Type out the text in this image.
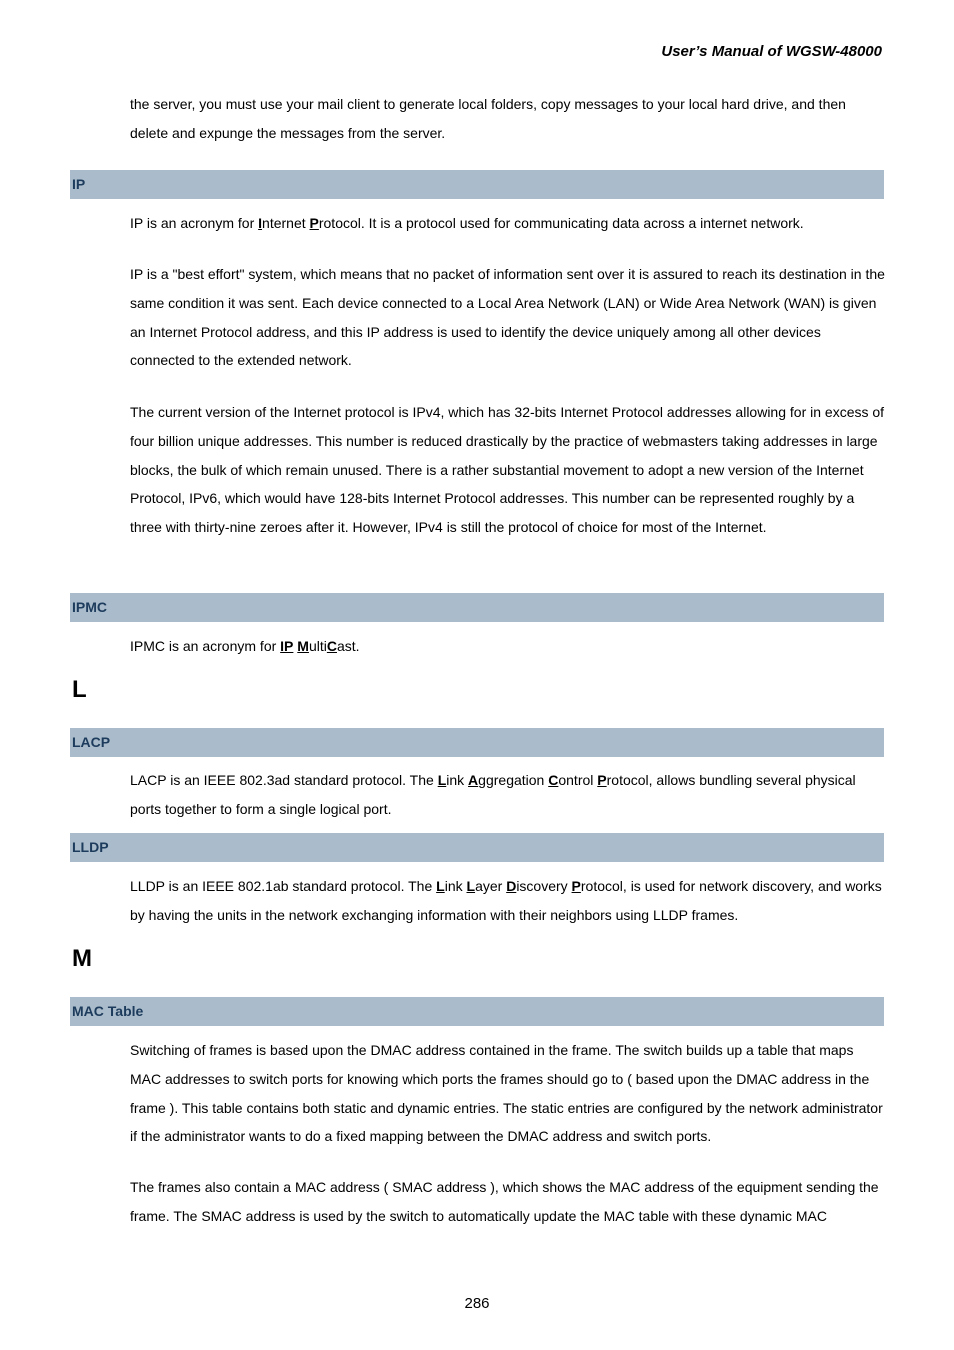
User’s Manual of WGSW-48000
the server, you must use your mail client to generate local folders, copy messages to your local hard drive, and then delete and expunge the messages from the server.
IP
IP is an acronym for Internet Protocol. It is a protocol used for communicating data across a internet network.
IP is a "best effort" system, which means that no packet of information sent over it is assured to reach its destination in the same condition it was sent. Each device connected to a Local Area Network (LAN) or Wide Area Network (WAN) is given an Internet Protocol address, and this IP address is used to identify the device uniquely among all other devices connected to the extended network.
The current version of the Internet protocol is IPv4, which has 32-bits Internet Protocol addresses allowing for in excess of four billion unique addresses. This number is reduced drastically by the practice of webmasters taking addresses in large blocks, the bulk of which remain unused. There is a rather substantial movement to adopt a new version of the Internet Protocol, IPv6, which would have 128-bits Internet Protocol addresses. This number can be represented roughly by a three with thirty-nine zeroes after it. However, IPv4 is still the protocol of choice for most of the Internet.
IPMC
IPMC is an acronym for IP MultiCast.
L
LACP
LACP is an IEEE 802.3ad standard protocol. The Link Aggregation Control Protocol, allows bundling several physical ports together to form a single logical port.
LLDP
LLDP is an IEEE 802.1ab standard protocol. The Link Layer Discovery Protocol, is used for network discovery, and works by having the units in the network exchanging information with their neighbors using LLDP frames.
M
MAC Table
Switching of frames is based upon the DMAC address contained in the frame. The switch builds up a table that maps MAC addresses to switch ports for knowing which ports the frames should go to ( based upon the DMAC address in the frame ). This table contains both static and dynamic entries. The static entries are configured by the network administrator if the administrator wants to do a fixed mapping between the DMAC address and switch ports.
The frames also contain a MAC address ( SMAC address ), which shows the MAC address of the equipment sending the frame. The SMAC address is used by the switch to automatically update the MAC table with these dynamic MAC
286
